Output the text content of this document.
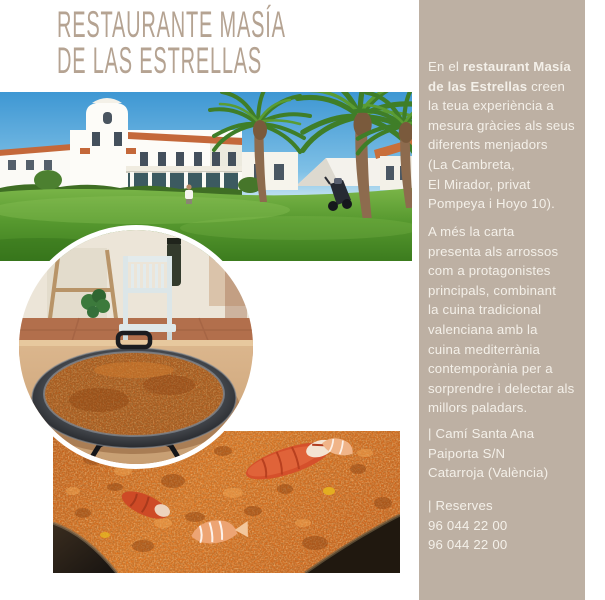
RESTAURANTE MASÍA
DE LAS ESTRELLAS	En el restaurant Masía
de las Estrellas creen
la teua experiència a
mesura gràcies als seus
diferents menjadors
(La Cambreta,
El Mirador, privat
Pompeya i Hoyo 10).
A més la carta
presenta als arrossos
com a protagonistes
principals, combinant
la cuina tradicional
valenciana amb la
cuina mediterrània
contemporània per a
sorprendre i delectar als
millors paladars.
| Camí Santa Ana
Paiporta S/N
Catarroja (València)
| Reserves
96 044 22 00
96 044 22 00
